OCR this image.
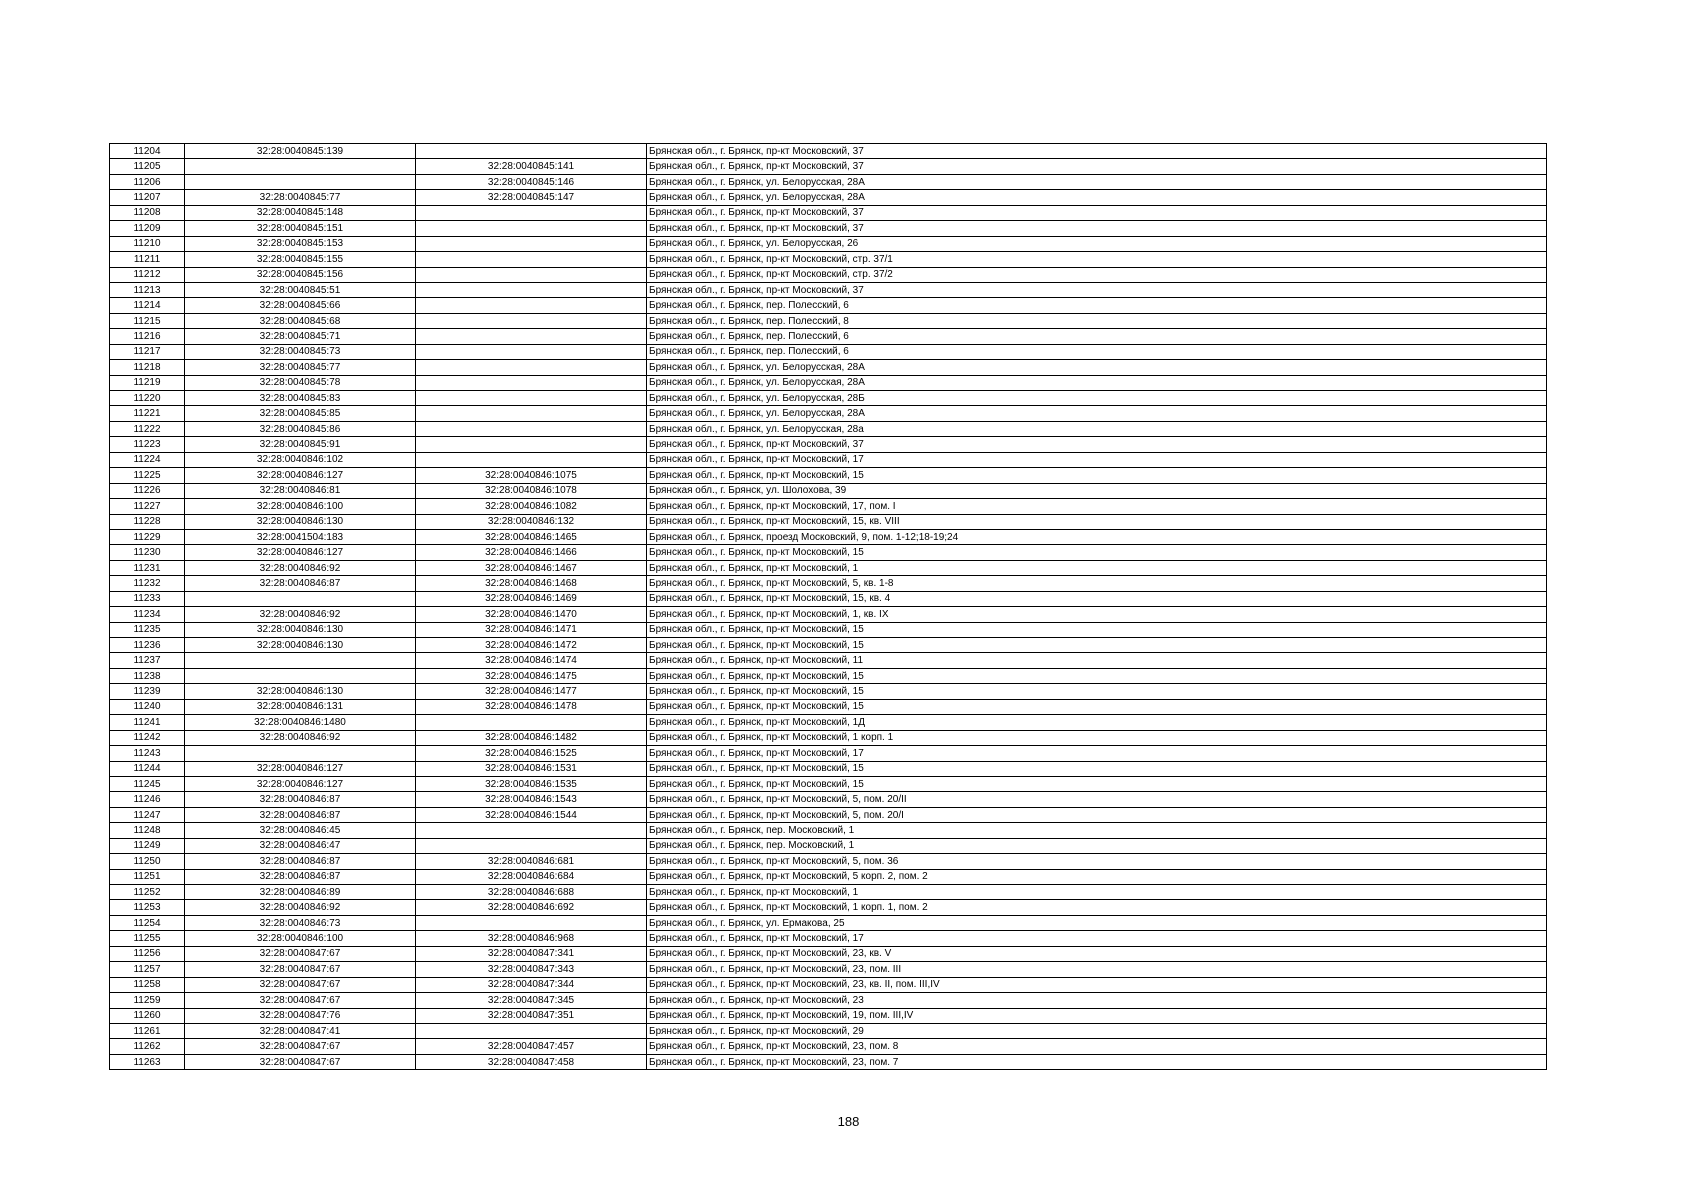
11204	32:28:0040845:139		Брянская обл., г. Брянск, пр-кт Московский, 37
11205		32:28:0040845:141	Брянская обл., г. Брянск, пр-кт Московский, 37
11206		32:28:0040845:146	Брянская обл., г. Брянск, ул. Белорусская, 28А
11207	32:28:0040845:77	32:28:0040845:147	Брянская обл., г. Брянск, ул. Белорусская, 28А
11208	32:28:0040845:148		Брянская обл., г. Брянск, пр-кт Московский, 37
11209	32:28:0040845:151		Брянская обл., г. Брянск, пр-кт Московский, 37
11210	32:28:0040845:153		Брянская обл., г. Брянск, ул. Белорусская, 26
11211	32:28:0040845:155		Брянская обл., г. Брянск, пр-кт Московский, стр. 37/1
11212	32:28:0040845:156		Брянская обл., г. Брянск, пр-кт Московский, стр. 37/2
11213	32:28:0040845:51		Брянская обл., г. Брянск, пр-кт Московский, 37
11214	32:28:0040845:66		Брянская обл., г. Брянск, пер. Полесский, 6
11215	32:28:0040845:68		Брянская обл., г. Брянск, пер. Полесский, 8
11216	32:28:0040845:71		Брянская обл., г. Брянск, пер. Полесский, 6
11217	32:28:0040845:73		Брянская обл., г. Брянск, пер. Полесский, 6
11218	32:28:0040845:77		Брянская обл., г. Брянск, ул. Белорусская, 28А
11219	32:28:0040845:78		Брянская обл., г. Брянск, ул. Белорусская, 28А
11220	32:28:0040845:83		Брянская обл., г. Брянск, ул. Белорусская, 28Б
11221	32:28:0040845:85		Брянская обл., г. Брянск, ул. Белорусская, 28А
11222	32:28:0040845:86		Брянская обл., г. Брянск, ул. Белорусская, 28а
11223	32:28:0040845:91		Брянская обл., г. Брянск, пр-кт Московский, 37
11224	32:28:0040846:102		Брянская обл., г. Брянск, пр-кт Московский, 17
11225	32:28:0040846:127	32:28:0040846:1075	Брянская обл., г. Брянск, пр-кт Московский, 15
11226	32:28:0040846:81	32:28:0040846:1078	Брянская обл., г. Брянск, ул. Шолохова, 39
11227	32:28:0040846:100	32:28:0040846:1082	Брянская обл., г. Брянск, пр-кт Московский, 17, пом. I
11228	32:28:0040846:130	32:28:0040846:132	Брянская обл., г. Брянск, пр-кт Московский, 15, кв. VIII
11229	32:28:0041504:183	32:28:0040846:1465	Брянская обл., г. Брянск, проезд Московский, 9, пом. 1-12;18-19;24
11230	32:28:0040846:127	32:28:0040846:1466	Брянская обл., г. Брянск, пр-кт Московский, 15
11231	32:28:0040846:92	32:28:0040846:1467	Брянская обл., г. Брянск, пр-кт Московский, 1
11232	32:28:0040846:87	32:28:0040846:1468	Брянская обл., г. Брянск, пр-кт Московский, 5, кв. 1-8
11233		32:28:0040846:1469	Брянская обл., г. Брянск, пр-кт Московский, 15, кв. 4
11234	32:28:0040846:92	32:28:0040846:1470	Брянская обл., г. Брянск, пр-кт Московский, 1, кв. IX
11235	32:28:0040846:130	32:28:0040846:1471	Брянская обл., г. Брянск, пр-кт Московский, 15
11236	32:28:0040846:130	32:28:0040846:1472	Брянская обл., г. Брянск, пр-кт Московский, 15
11237		32:28:0040846:1474	Брянская обл., г. Брянск, пр-кт Московский, 11
11238		32:28:0040846:1475	Брянская обл., г. Брянск, пр-кт Московский, 15
11239	32:28:0040846:130	32:28:0040846:1477	Брянская обл., г. Брянск, пр-кт Московский, 15
11240	32:28:0040846:131	32:28:0040846:1478	Брянская обл., г. Брянск, пр-кт Московский, 15
11241	32:28:0040846:1480		Брянская обл., г. Брянск, пр-кт Московский, 1Д
11242	32:28:0040846:92	32:28:0040846:1482	Брянская обл., г. Брянск, пр-кт Московский, 1 корп. 1
11243		32:28:0040846:1525	Брянская обл., г. Брянск, пр-кт Московский, 17
11244	32:28:0040846:127	32:28:0040846:1531	Брянская обл., г. Брянск, пр-кт Московский, 15
11245	32:28:0040846:127	32:28:0040846:1535	Брянская обл., г. Брянск, пр-кт Московский, 15
11246	32:28:0040846:87	32:28:0040846:1543	Брянская обл., г. Брянск, пр-кт Московский, 5, пом. 20/II
11247	32:28:0040846:87	32:28:0040846:1544	Брянская обл., г. Брянск, пр-кт Московский, 5, пом. 20/I
11248	32:28:0040846:45		Брянская обл., г. Брянск, пер. Московский, 1
11249	32:28:0040846:47		Брянская обл., г. Брянск, пер. Московский, 1
11250	32:28:0040846:87	32:28:0040846:681	Брянская обл., г. Брянск, пр-кт Московский, 5, пом. 36
11251	32:28:0040846:87	32:28:0040846:684	Брянская обл., г. Брянск, пр-кт Московский, 5 корп. 2, пом. 2
11252	32:28:0040846:89	32:28:0040846:688	Брянская обл., г. Брянск, пр-кт Московский, 1
11253	32:28:0040846:92	32:28:0040846:692	Брянская обл., г. Брянск, пр-кт Московский, 1 корп. 1, пом. 2
11254	32:28:0040846:73		Брянская обл., г. Брянск, ул. Ермакова, 25
11255	32:28:0040846:100	32:28:0040846:968	Брянская обл., г. Брянск, пр-кт Московский, 17
11256	32:28:0040847:67	32:28:0040847:341	Брянская обл., г. Брянск, пр-кт Московский, 23, кв. V
11257	32:28:0040847:67	32:28:0040847:343	Брянская обл., г. Брянск, пр-кт Московский, 23, пом. III
11258	32:28:0040847:67	32:28:0040847:344	Брянская обл., г. Брянск, пр-кт Московский, 23, кв. II, пом. III,IV
11259	32:28:0040847:67	32:28:0040847:345	Брянская обл., г. Брянск, пр-кт Московский, 23
11260	32:28:0040847:76	32:28:0040847:351	Брянская обл., г. Брянск, пр-кт Московский, 19, пом. III,IV
11261	32:28:0040847:41		Брянская обл., г. Брянск, пр-кт Московский, 29
11262	32:28:0040847:67	32:28:0040847:457	Брянская обл., г. Брянск, пр-кт Московский, 23, пом. 8
11263	32:28:0040847:67	32:28:0040847:458	Брянская обл., г. Брянск, пр-кт Московский, 23, пом. 7
188
